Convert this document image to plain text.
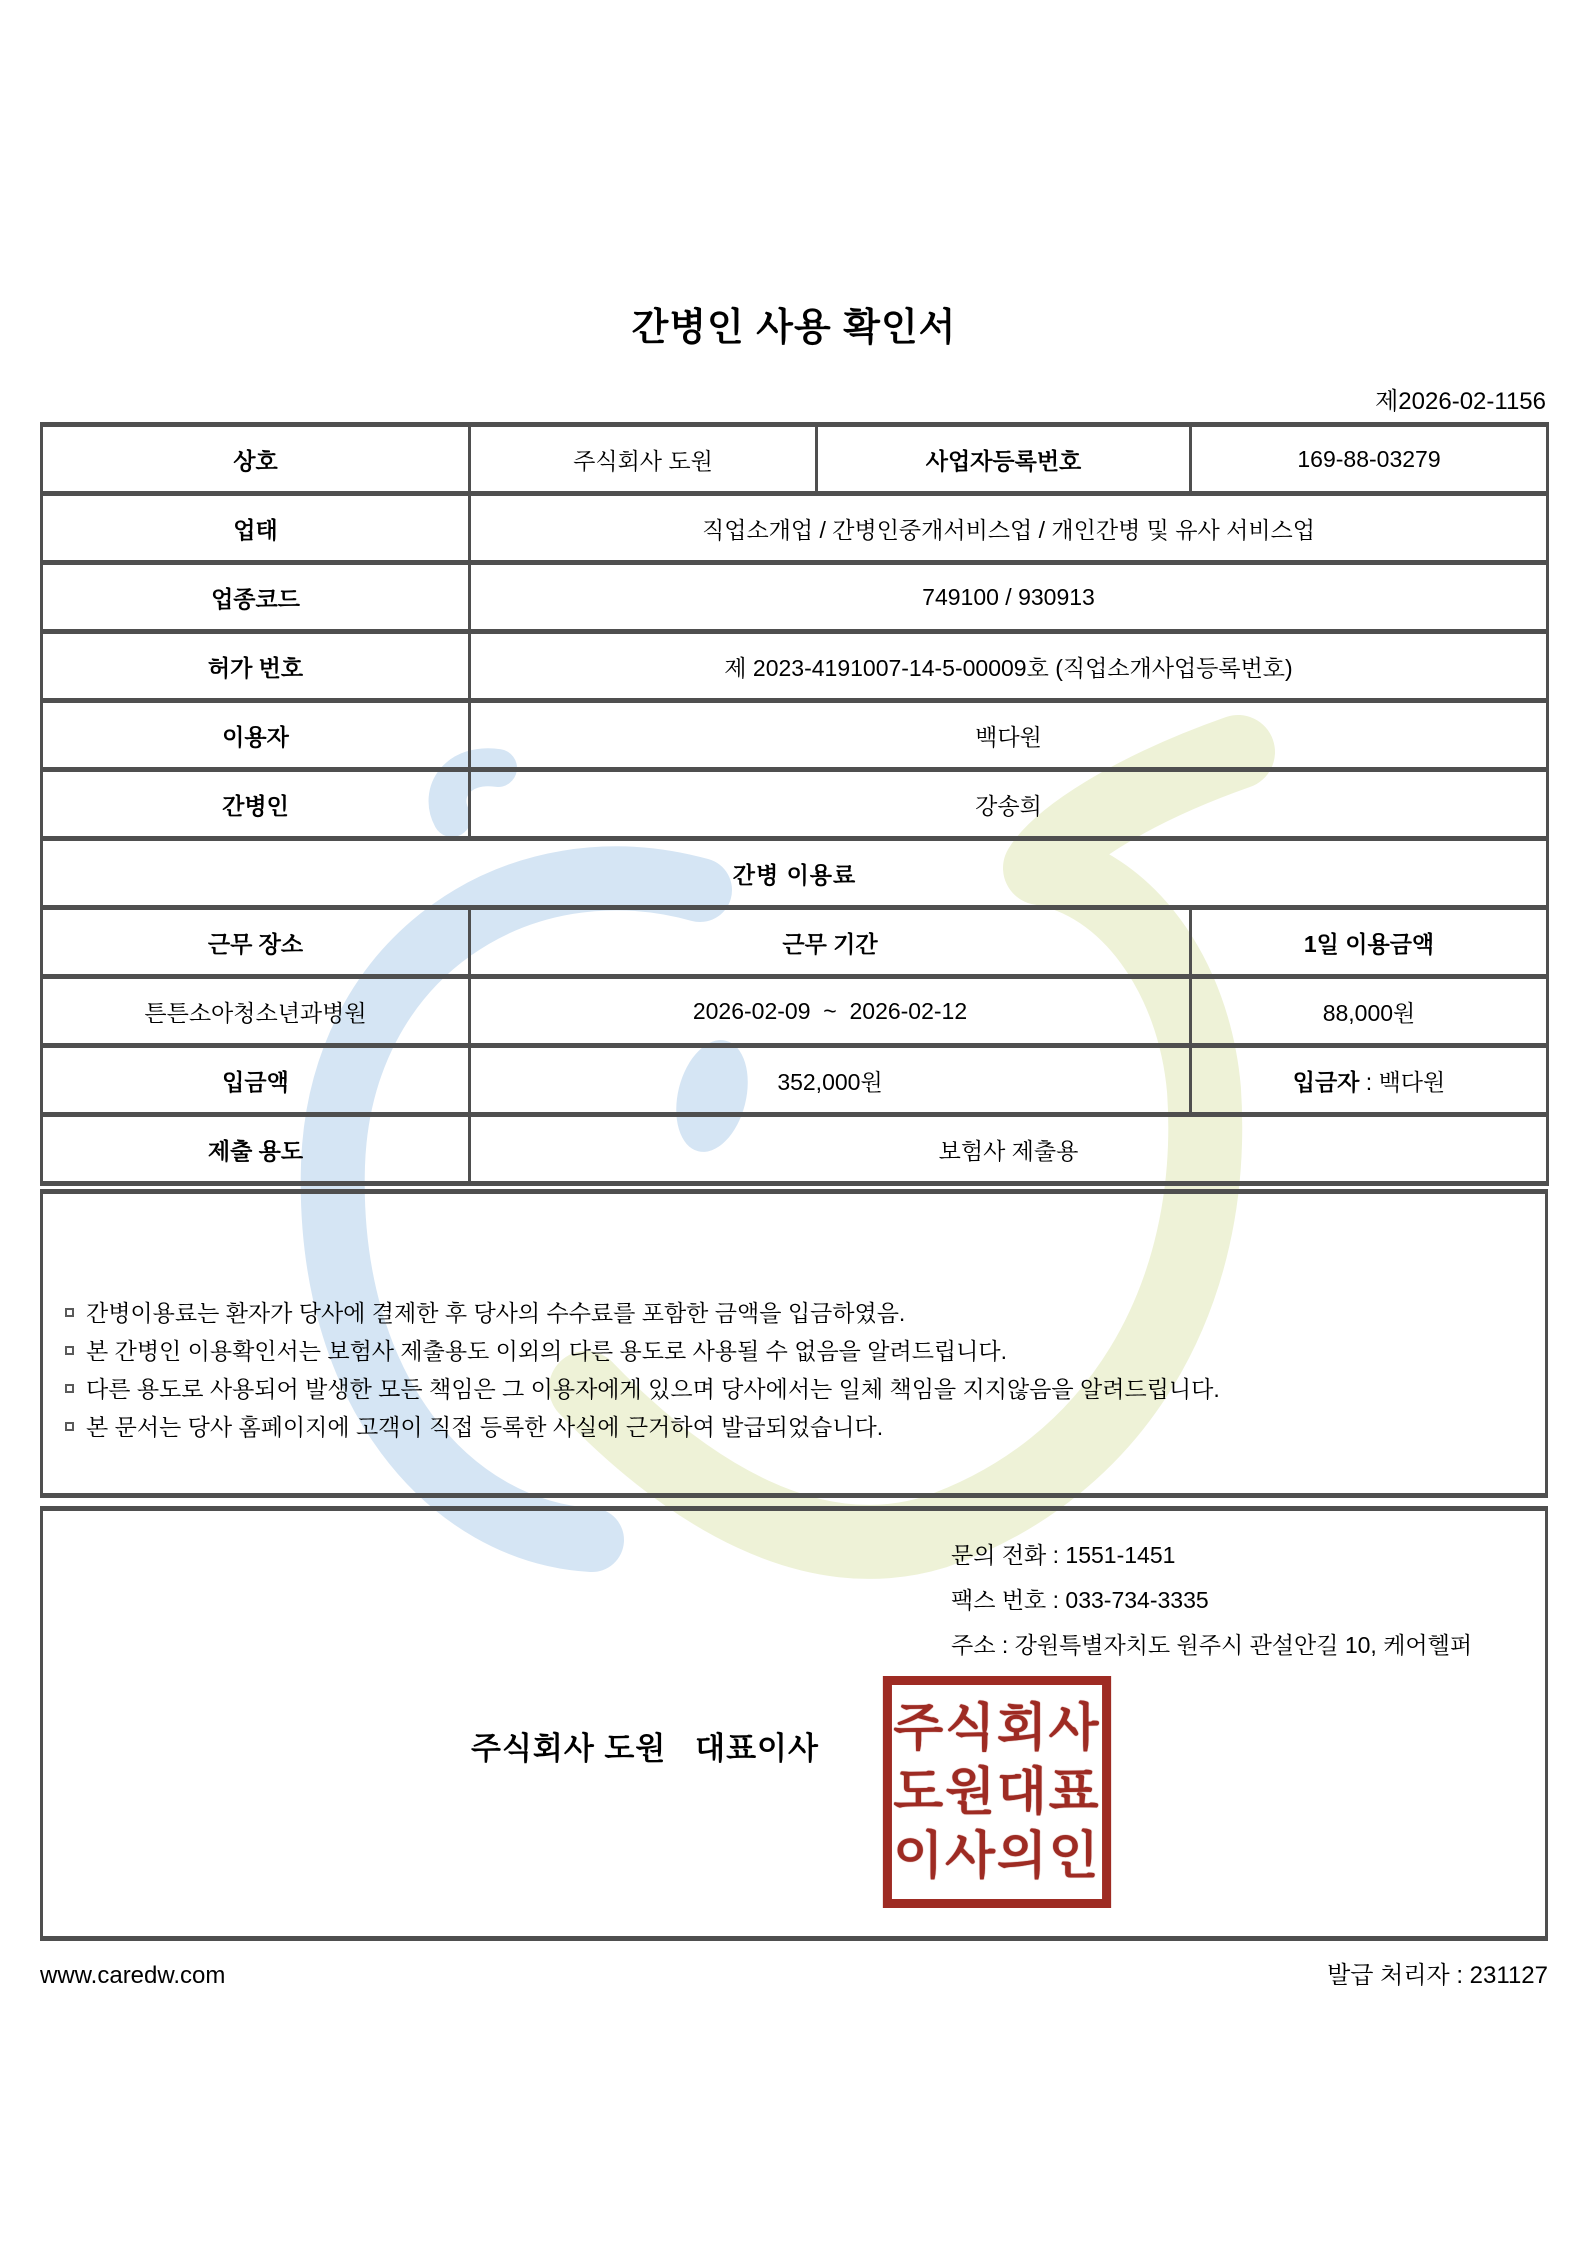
간병인 사용 확인서
제2026-02-1156
상호	주식회사 도원	사업자등록번호	169-88-03279
업태	직업소개업 / 간병인중개서비스업 / 개인간병 및 유사 서비스업		
업종코드	749100 / 930913		
허가 번호	제 2023-4191007-14-5-00009호 (직업소개사업등록번호)		
이용자	백다원		
간병인	강송희		
간병 이용료			
근무 장소	근무 기간		1일 이용금액
튼튼소아청소년과병원	2026-02-09  ~  2026-02-12		88,000원
입금액	352,000원		입금자 : 백다원
제출 용도	보험사 제출용		
간병이용료는 환자가 당사에 결제한 후 당사의 수수료를 포함한 금액을 입금하였음.
본 간병인 이용확인서는 보험사 제출용도 이외의 다른 용도로 사용될 수 없음을 알려드립니다.
다른 용도로 사용되어 발생한 모든 책임은 그 이용자에게 있으며 당사에서는 일체 책임을 지지않음을 알려드립니다.
본 문서는 당사 홈페이지에 고객이 직접 등록한 사실에 근거하여 발급되었습니다.
문의 전화 : 1551-1451
팩스 번호 : 033-734-3335
주소 : 강원특별자치도 원주시 관설안길 10, 케어헬퍼
주식회사 도원   대표이사 주식회사
도원대표
이사의인
www.caredw.com	발급 처리자 : 231127
